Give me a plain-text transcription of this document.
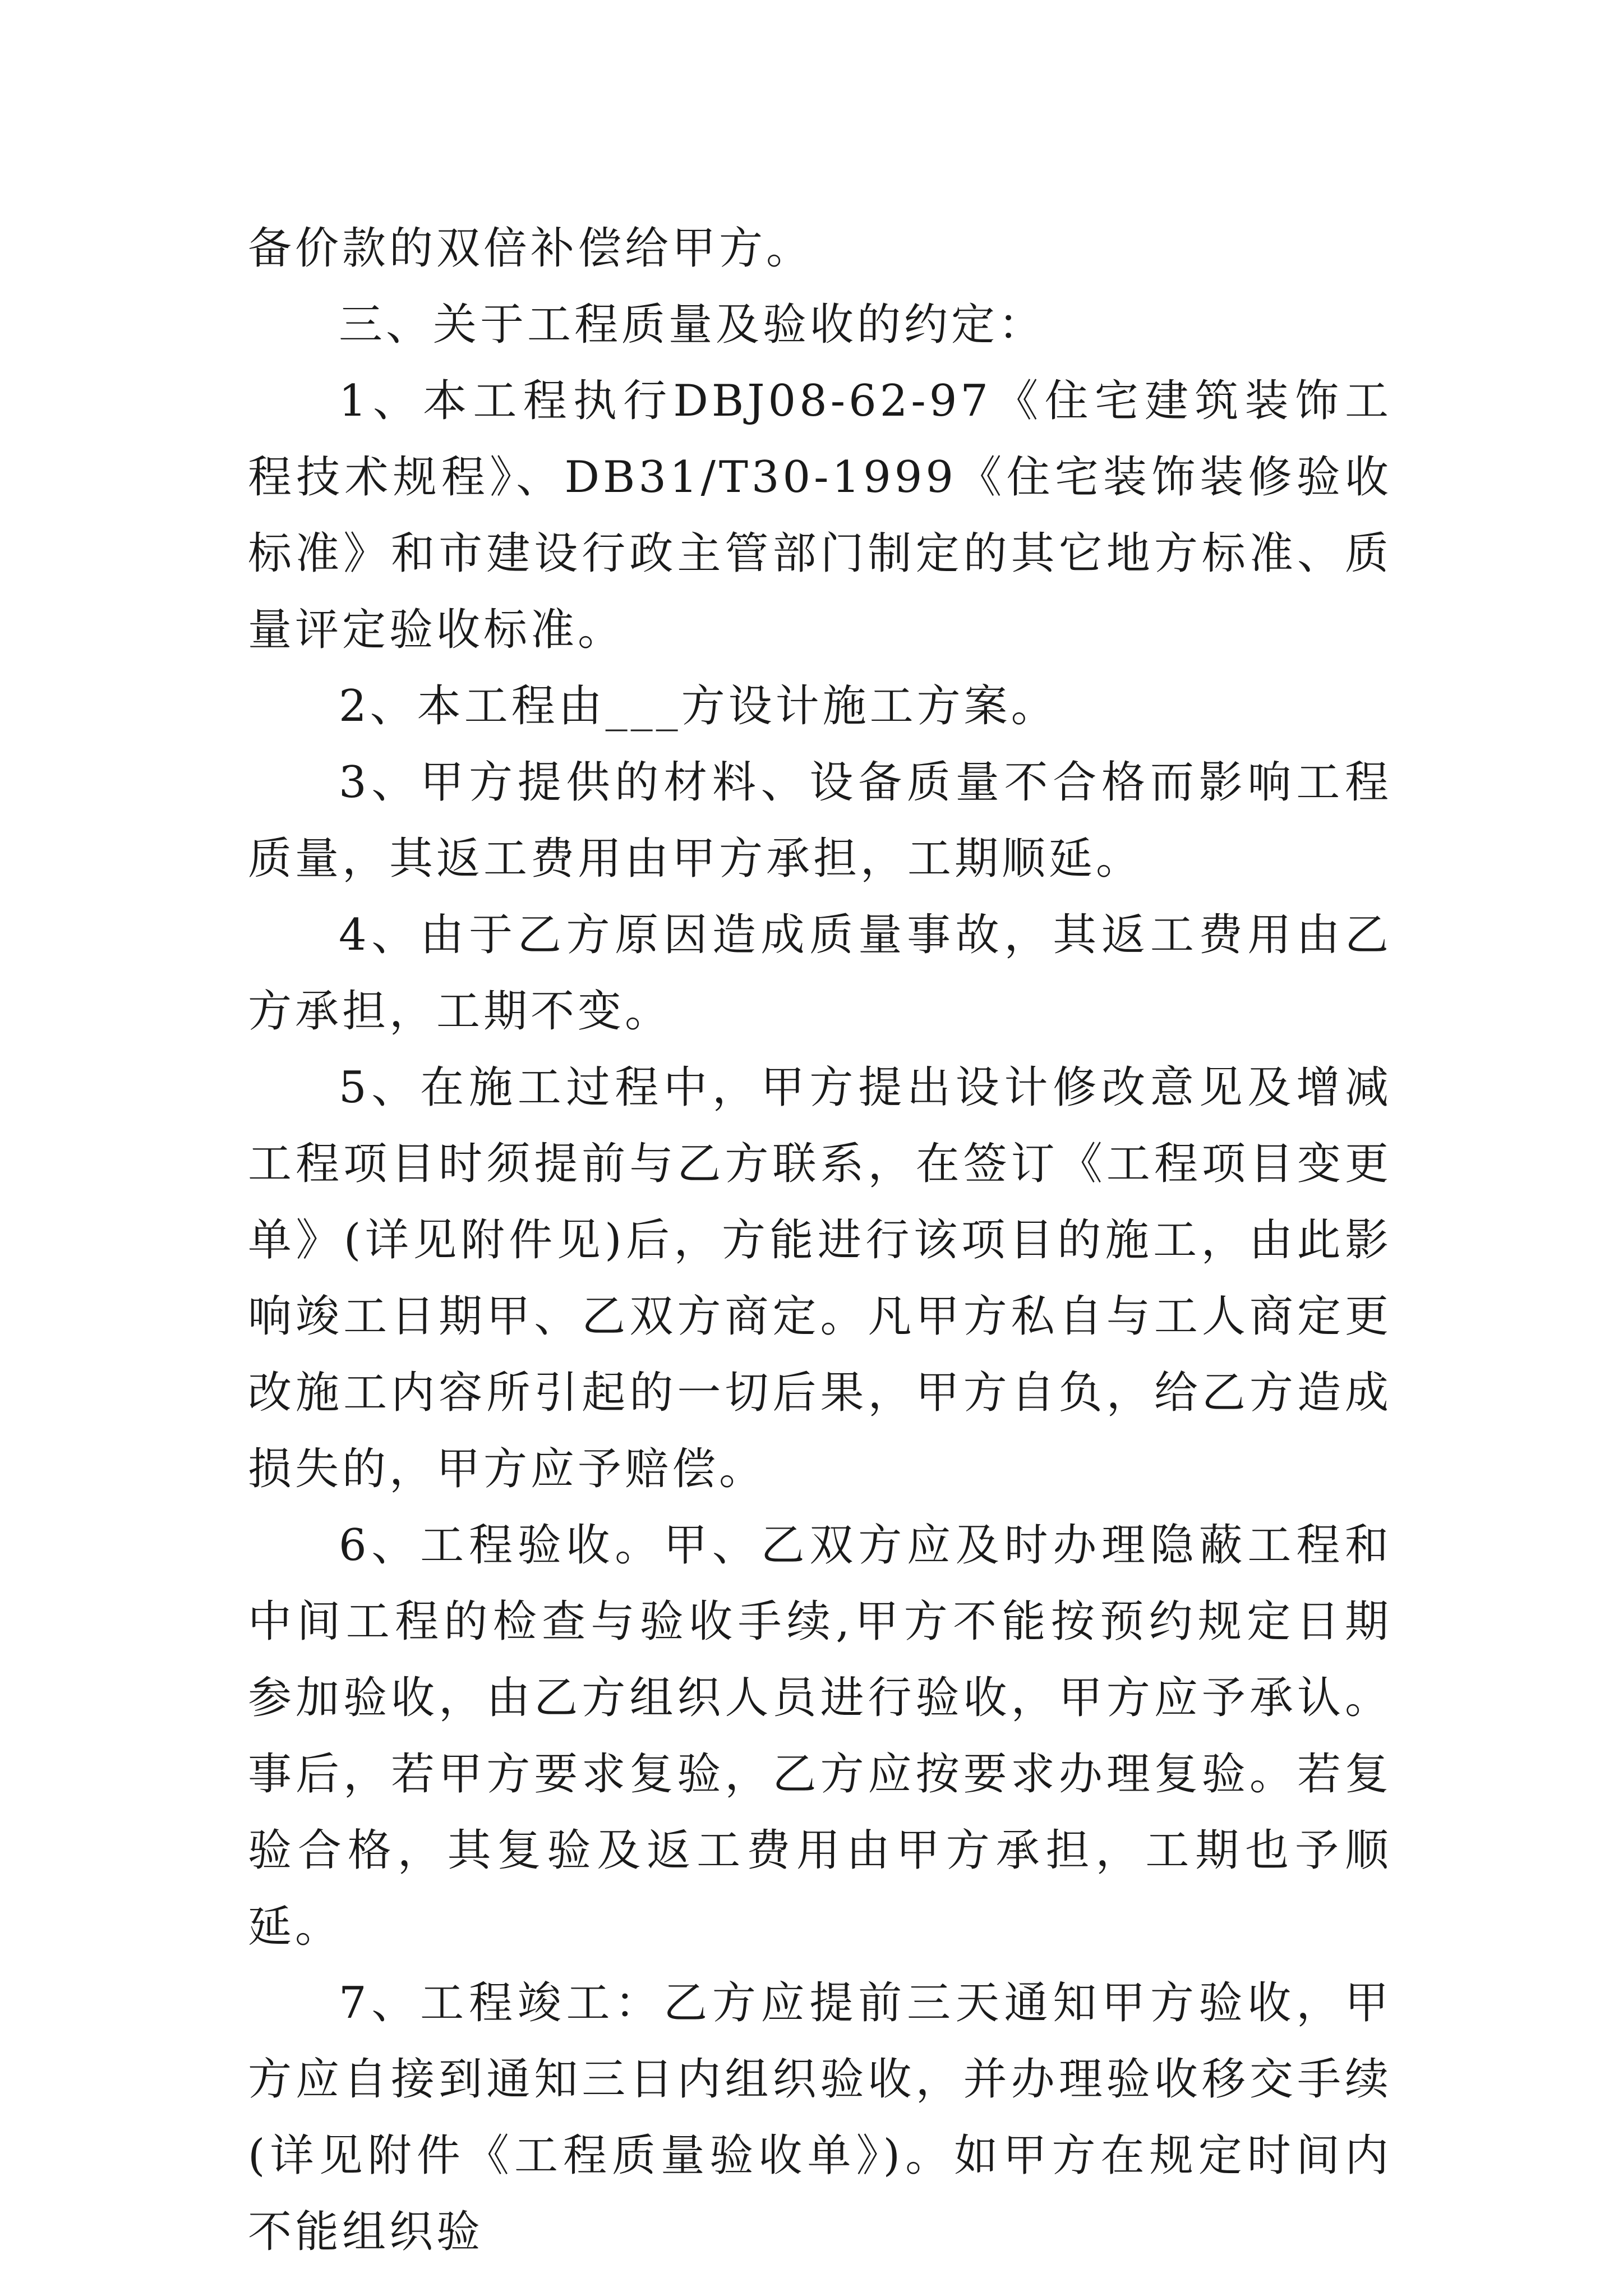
备价款的双倍补偿给甲方。

三、关于工程质量及验收的约定：

1、本工程执行DBJ08-62-97《住宅建筑装饰工程技术规程》、DB31/T30-1999《住宅装饰装修验收标准》和市建设行政主管部门制定的其它地方标准、质量评定验收标准。

2、本工程由___方设计施工方案。

3、甲方提供的材料、设备质量不合格而影响工程质量，其返工费用由甲方承担，工期顺延。

4、由于乙方原因造成质量事故，其返工费用由乙方承担，工期不变。

5、在施工过程中，甲方提出设计修改意见及增减工程项目时须提前与乙方联系，在签订《工程项目变更单》(详见附件见)后，方能进行该项目的施工，由此影响竣工日期甲、乙双方商定。凡甲方私自与工人商定更改施工内容所引起的一切后果，甲方自负，给乙方造成损失的，甲方应予赔偿。

6、工程验收。甲、乙双方应及时办理隐蔽工程和中间工程的检查与验收手续,甲方不能按预约规定日期参加验收，由乙方组织人员进行验收，甲方应予承认。事后，若甲方要求复验，乙方应按要求办理复验。若复验合格，其复验及返工费用由甲方承担，工期也予顺延。

7、工程竣工：乙方应提前三天通知甲方验收，甲方应自接到通知三日内组织验收，并办理验收移交手续(详见附件《工程质量验收单》)。如甲方在规定时间内不能组织验
